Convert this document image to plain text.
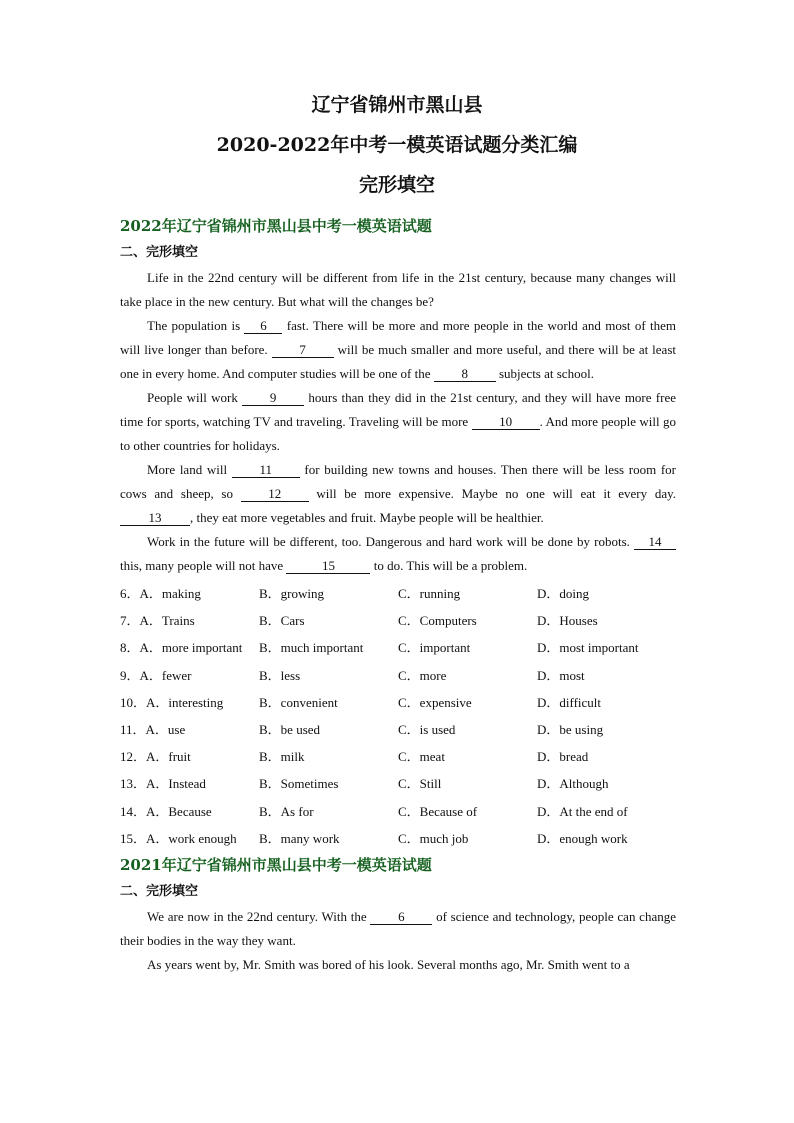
辽宁省锦州市黑山县
2020-2022年中考一模英语试题分类汇编
完形填空
2022年辽宁省锦州市黑山县中考一模英语试题
二、完形填空

Life in the 22nd century will be different from life in the 21st century, because many changes will take place in the new century. But what will the changes be?

The population is 6 fast. There will be more and more people in the world and most of them will live longer than before. 7 will be much smaller and more useful, and there will be at least one in every home. And computer studies will be one of the 8 subjects at school.

People will work 9 hours than they did in the 21st century, and they will have more free time for sports, watching TV and traveling. Traveling will be more 10 . And more people will go to other countries for holidays.

More land will 11 for building new towns and houses. Then there will be less room for cows and sheep, so 12 will be more expensive. Maybe no one will eat it every day. 13 , they eat more vegetables and fruit. Maybe people will be healthier.

Work in the future will be different, too. Dangerous and hard work will be done by robots. 14 this, many people will not have	15	to do. This will be a problem.

6．A．making	B．growing	C．running	D．doing
7．A．Trains	B．Cars	C．Computers	D．Houses
8．A．more important	B．much important	C．important	D．most important
9．A．fewer	B．less	C．more	D．most
10．A．interesting	B．convenient	C．expensive	D．difficult
11．A．use	B．be used	C．is used	D．be using
12．A．fruit	B．milk	C．meat	D．bread
13．A．Instead	B．Sometimes	C．Still	D．Although
14．A．Because	B．As for	C．Because of	D．At the end of
15．A．work enough	B．many work	C．much job	D．enough work
2021年辽宁省锦州市黑山县中考一模英语试题
二、完形填空

We are now in the 22nd century. With the 6 of science and technology, people can change their bodies in the way they want.

As years went by, Mr. Smith was bored of his look. Several months ago, Mr. Smith went to a
